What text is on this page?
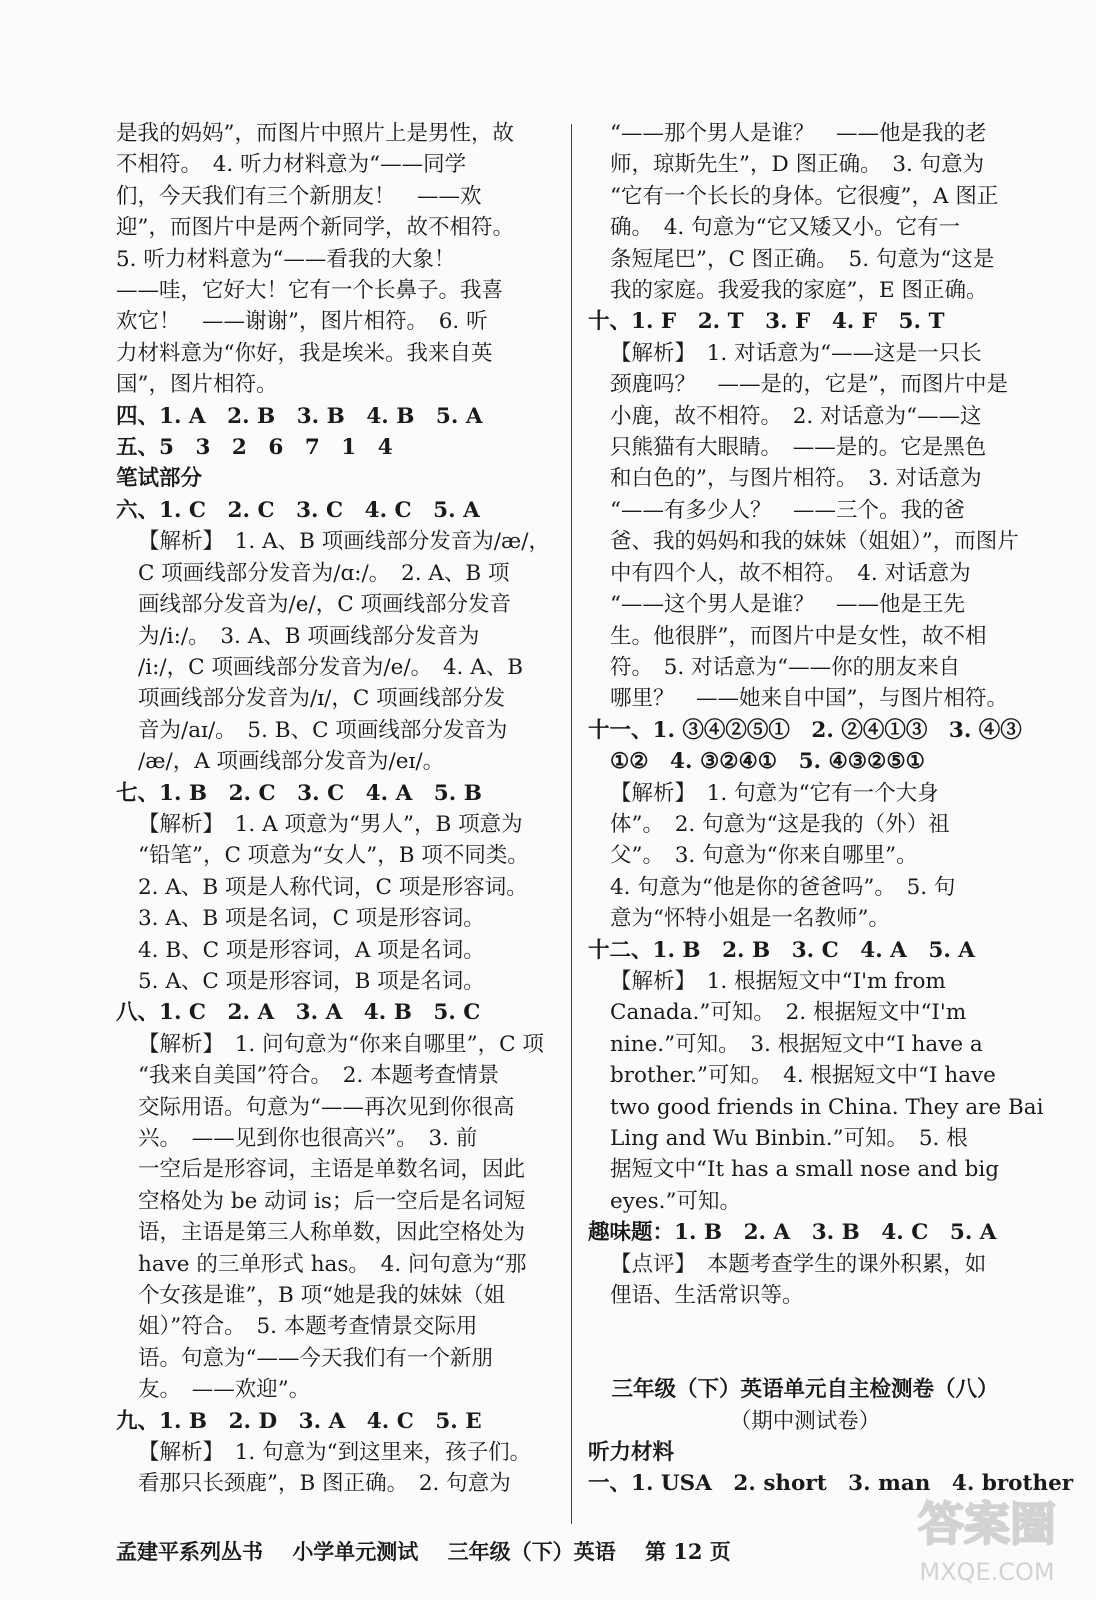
是我的妈妈”，而图片中照片上是男性，故
不相符。　4. 听力材料意为“——同学
们，今天我们有三个新朋友！　——欢
迎”，而图片中是两个新同学，故不相符。
5. 听力材料意为“——看我的大象！
——哇，它好大！它有一个长鼻子。我喜
欢它！　——谢谢”，图片相符。　6. 听
力材料意为“你好，我是埃米。我来自英
国”，图片相符。
四、1. A　2. B　3. B　4. B　5. A
五、5　3　2　6　7　1　4
笔试部分
六、1. C　2. C　3. C　4. C　5. A
【解析】　1. A、B 项画线部分发音为/æ/，
C 项画线部分发音为/ɑ:/。　2. A、B 项
画线部分发音为/e/，C 项画线部分发音
为/i:/。　3. A、B 项画线部分发音为
/i:/，C 项画线部分发音为/e/。　4. A、B
项画线部分发音为/ɪ/，C 项画线部分发
音为/aɪ/。　5. B、C 项画线部分发音为
/æ/，A 项画线部分发音为/eɪ/。
七、1. B　2. C　3. C　4. A　5. B
【解析】　1. A 项意为“男人”，B 项意为
“铅笔”，C 项意为“女人”，B 项不同类。
2. A、B 项是人称代词，C 项是形容词。
3. A、B 项是名词，C 项是形容词。
4. B、C 项是形容词，A 项是名词。
5. A、C 项是形容词，B 项是名词。
八、1. C　2. A　3. A　4. B　5. C
【解析】　1. 问句意为“你来自哪里”，C 项
“我来自美国”符合。　2. 本题考查情景
交际用语。句意为“——再次见到你很高
兴。　——见到你也很高兴”。　3. 前
一空后是形容词，主语是单数名词，因此
空格处为 be 动词 is；后一空后是名词短
语，主语是第三人称单数，因此空格处为
have 的三单形式 has。　4. 问句意为“那
个女孩是谁”，B 项“她是我的妹妹（姐
姐）”符合。　5. 本题考查情景交际用
语。句意为“——今天我们有一个新朋
友。　——欢迎”。
九、1. B　2. D　3. A　4. C　5. E
【解析】　1. 句意为“到这里来，孩子们。
看那只长颈鹿”，B 图正确。　2. 句意为
“——那个男人是谁？　——他是我的老
师，琼斯先生”，D 图正确。　3. 句意为
“它有一个长长的身体。它很瘦”，A 图正
确。　4. 句意为“它又矮又小。它有一
条短尾巴”，C 图正确。　5. 句意为“这是
我的家庭。我爱我的家庭”，E 图正确。
十、1. F　2. T　3. F　4. F　5. T
【解析】　1. 对话意为“——这是一只长
颈鹿吗？　——是的，它是”，而图片中是
小鹿，故不相符。　2. 对话意为“——这
只熊猫有大眼睛。　——是的。它是黑色
和白色的”，与图片相符。　3. 对话意为
“——有多少人？　——三个。我的爸
爸、我的妈妈和我的妹妹（姐姐）”，而图片
中有四个人，故不相符。　4. 对话意为
“——这个男人是谁？　——他是王先
生。他很胖”，而图片中是女性，故不相
符。　5. 对话意为“——你的朋友来自
哪里？　——她来自中国”，与图片相符。
十一、1. ③④②⑤①　2. ②④①③　3. ④③
①②　4. ③②④①　5. ④③②⑤①
【解析】　1. 句意为“它有一个大身
体”。　2. 句意为“这是我的（外）祖
父”。　3. 句意为“你来自哪里”。
4. 句意为“他是你的爸爸吗”。　5. 句
意为“怀特小姐是一名教师”。
十二、1. B　2. B　3. C　4. A　5. A
【解析】　1. 根据短文中“I'm from
Canada.”可知。　2. 根据短文中“I'm
nine.”可知。　3. 根据短文中“I have a
brother.”可知。　4. 根据短文中“I have
two good friends in China. They are Bai
Ling and Wu Binbin.”可知。　5. 根
据短文中“It has a small nose and big
eyes.”可知。
趣味题：1. B　2. A　3. B　4. C　5. A
【点评】　本题考查学生的课外积累，如
俚语、生活常识等。

三年级（下）英语单元自主检测卷（八）
（期中测试卷）
听力材料
一、1. USA　2. short　3. man　4. brother
孟建平系列丛书 小学单元测试 三年级（下）英语 第 12 页
答案圈
MXQE.COM
